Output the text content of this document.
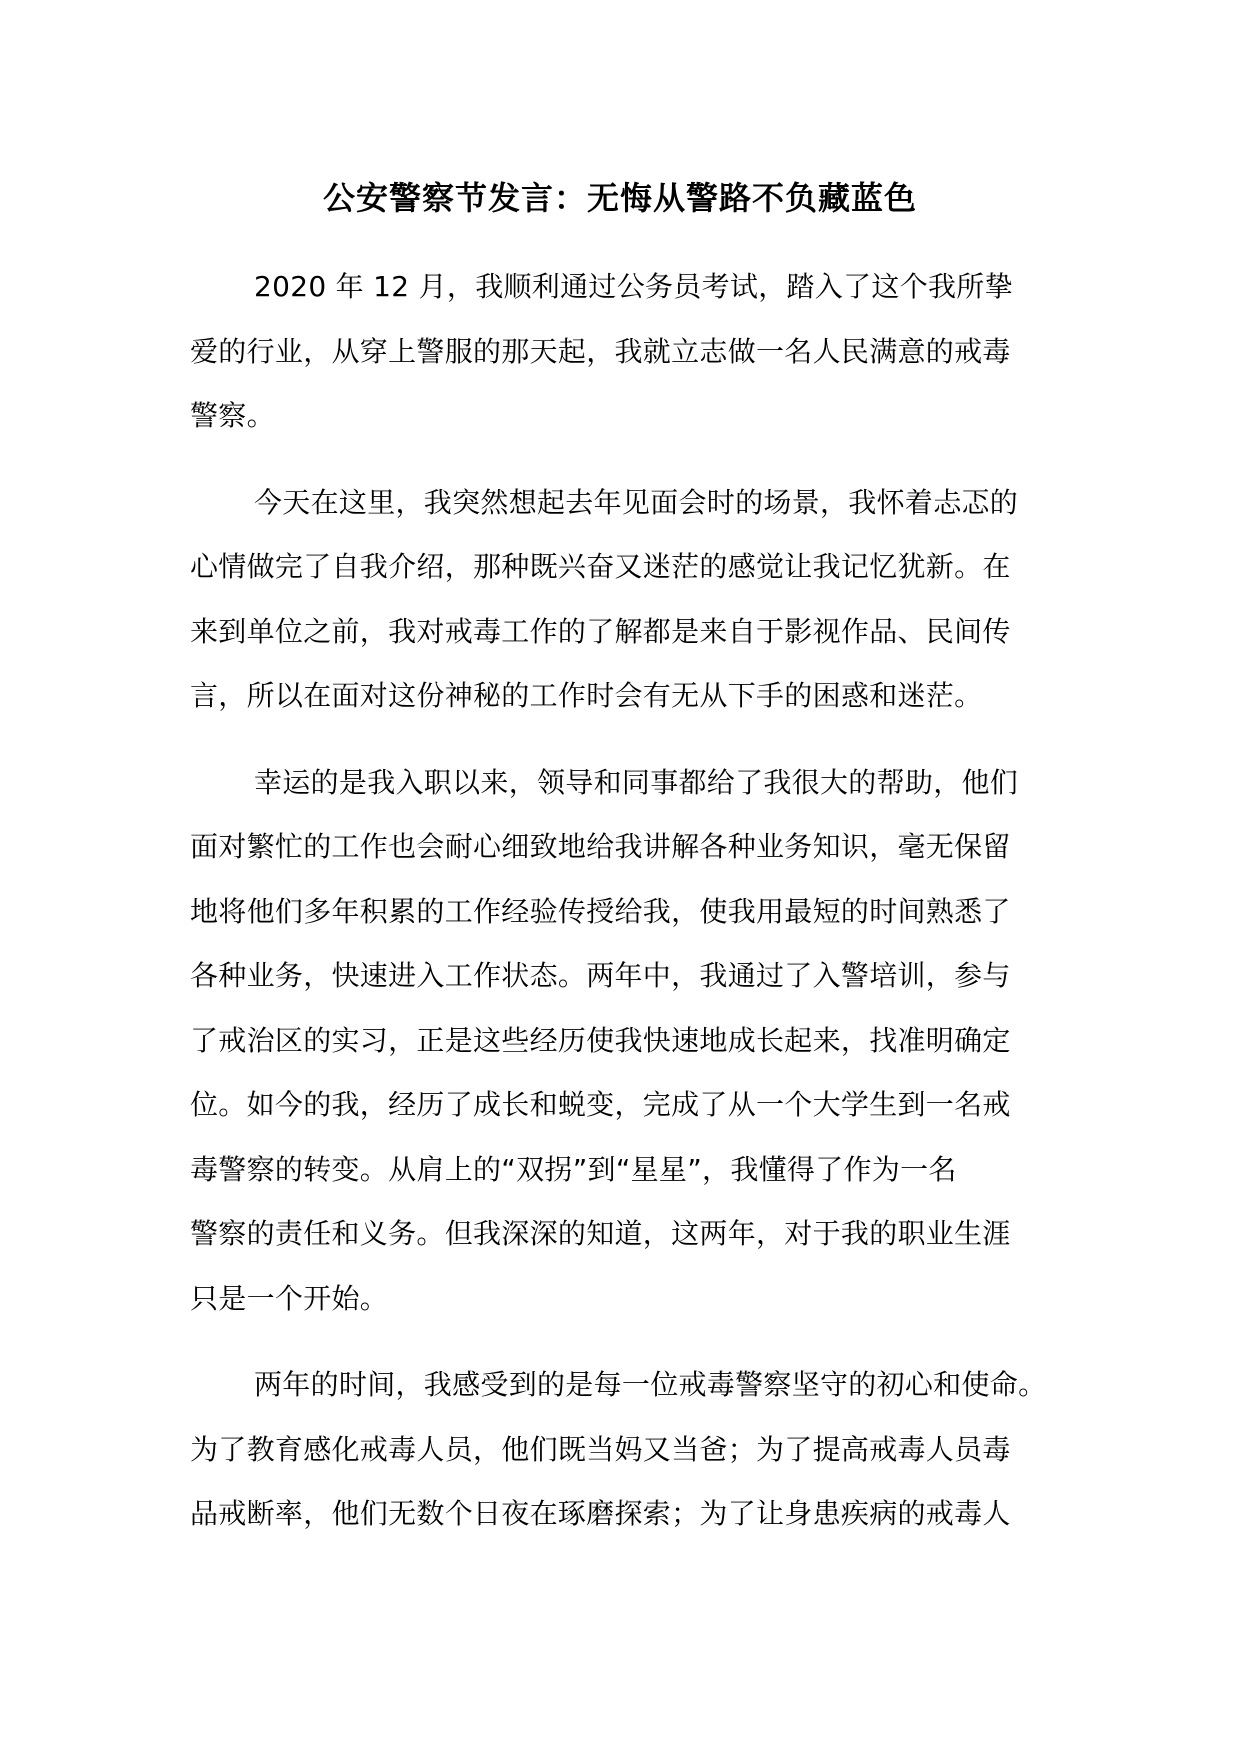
公安警察节发言：无悔从警路不负藏蓝色
2020 年 12 月，我顺利通过公务员考试，踏入了这个我所挚
爱的行业，从穿上警服的那天起，我就立志做一名人民满意的戒毒
警察。
今天在这里，我突然想起去年见面会时的场景，我怀着忐忑的
心情做完了自我介绍，那种既兴奋又迷茫的感觉让我记忆犹新。在
来到单位之前，我对戒毒工作的了解都是来自于影视作品、民间传
言，所以在面对这份神秘的工作时会有无从下手的困惑和迷茫。
幸运的是我入职以来，领导和同事都给了我很大的帮助，他们
面对繁忙的工作也会耐心细致地给我讲解各种业务知识，毫无保留
地将他们多年积累的工作经验传授给我，使我用最短的时间熟悉了
各种业务，快速进入工作状态。两年中，我通过了入警培训，参与
了戒治区的实习，正是这些经历使我快速地成长起来，找准明确定
位。如今的我，经历了成长和蜕变，完成了从一个大学生到一名戒
毒警察的转变。从肩上的“双拐”到“星星”，我懂得了作为一名
警察的责任和义务。但我深深的知道，这两年，对于我的职业生涯
只是一个开始。
两年的时间，我感受到的是每一位戒毒警察坚守的初心和使命。
为了教育感化戒毒人员，他们既当妈又当爸；为了提高戒毒人员毒
品戒断率，他们无数个日夜在琢磨探索；为了让身患疾病的戒毒人
